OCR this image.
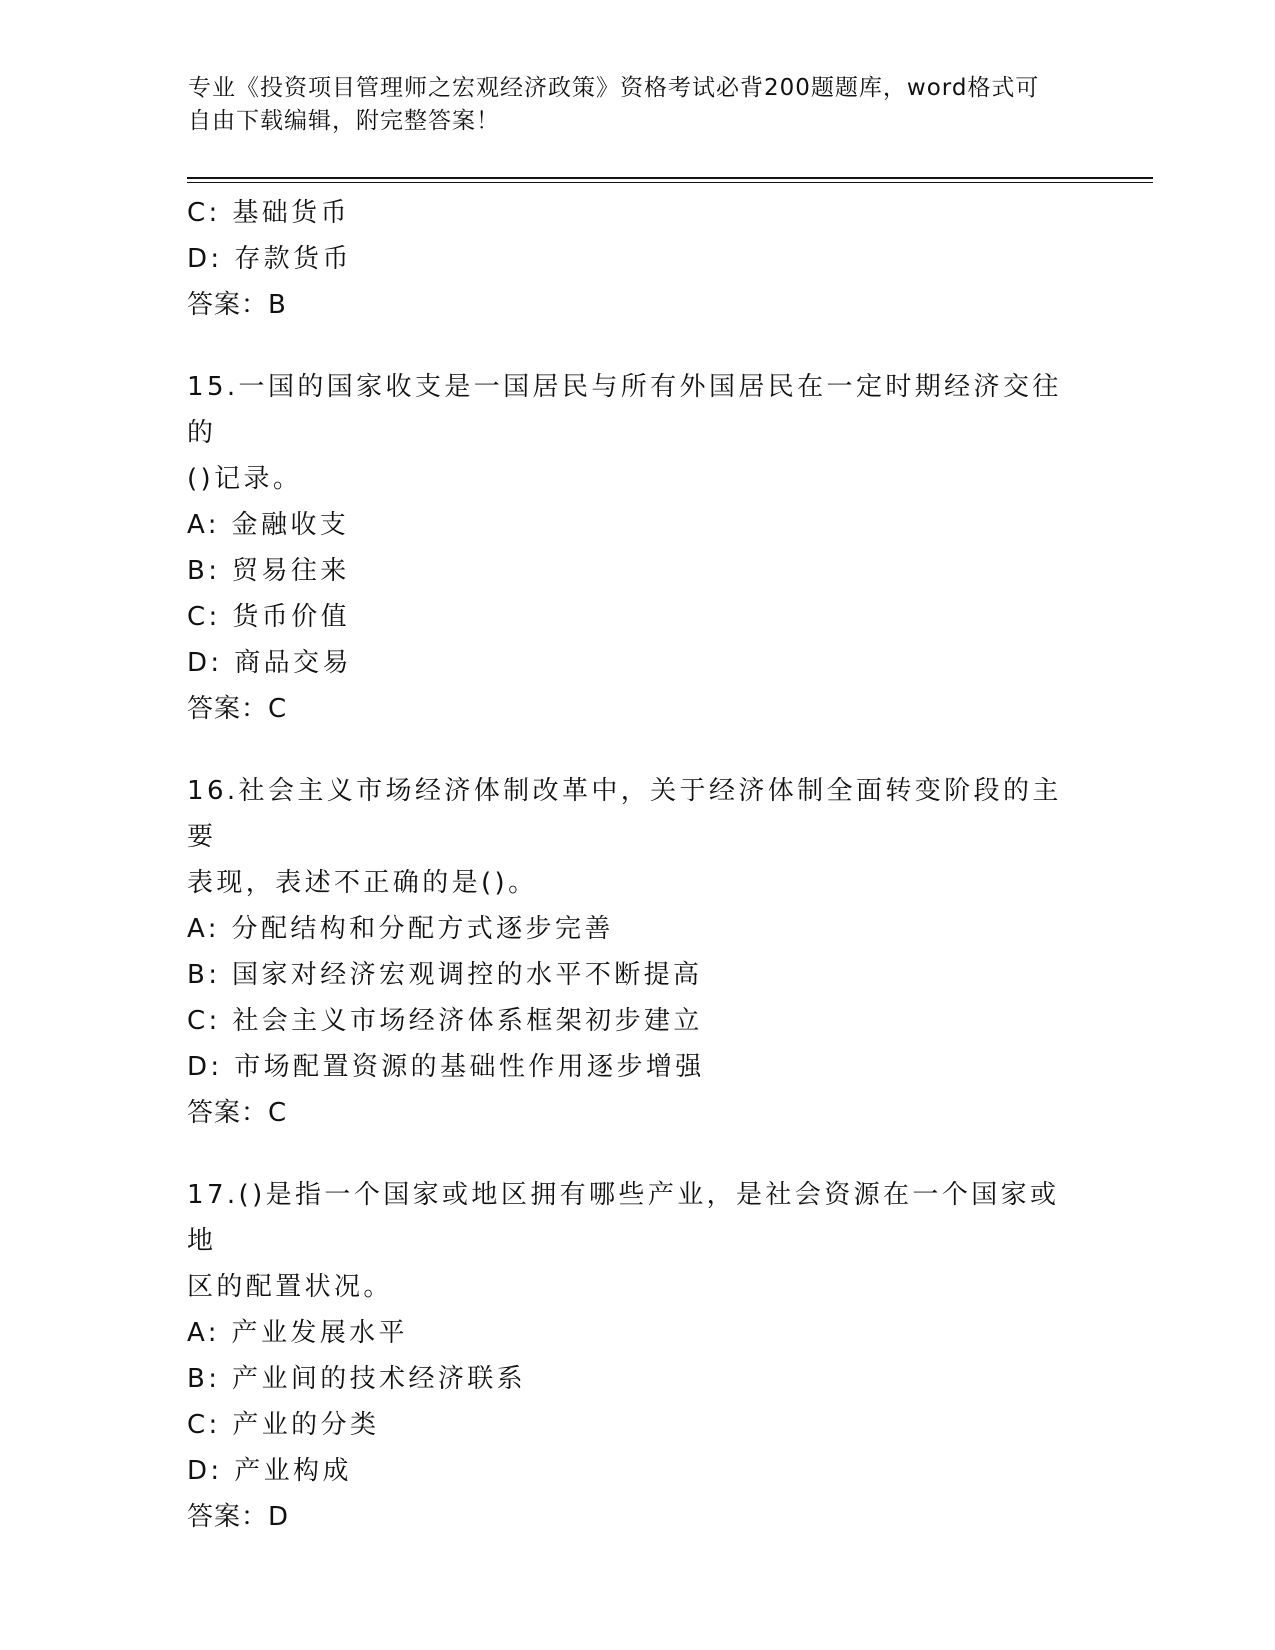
专业《投资项目管理师之宏观经济政策》资格考试必背200题题库，word格式可
自由下载编辑，附完整答案！
C: 基础货币
D: 存款货币
答案：B
15.一国的国家收支是一国居民与所有外国居民在一定时期经济交往的
()记录。
A: 金融收支
B: 贸易往来
C: 货币价值
D: 商品交易
答案：C
16.社会主义市场经济体制改革中，关于经济体制全面转变阶段的主要
表现，表述不正确的是()。
A: 分配结构和分配方式逐步完善
B: 国家对经济宏观调控的水平不断提高
C: 社会主义市场经济体系框架初步建立
D: 市场配置资源的基础性作用逐步增强
答案：C
17.()是指一个国家或地区拥有哪些产业，是社会资源在一个国家或地
区的配置状况。
A: 产业发展水平
B: 产业间的技术经济联系
C: 产业的分类
D: 产业构成
答案：D
